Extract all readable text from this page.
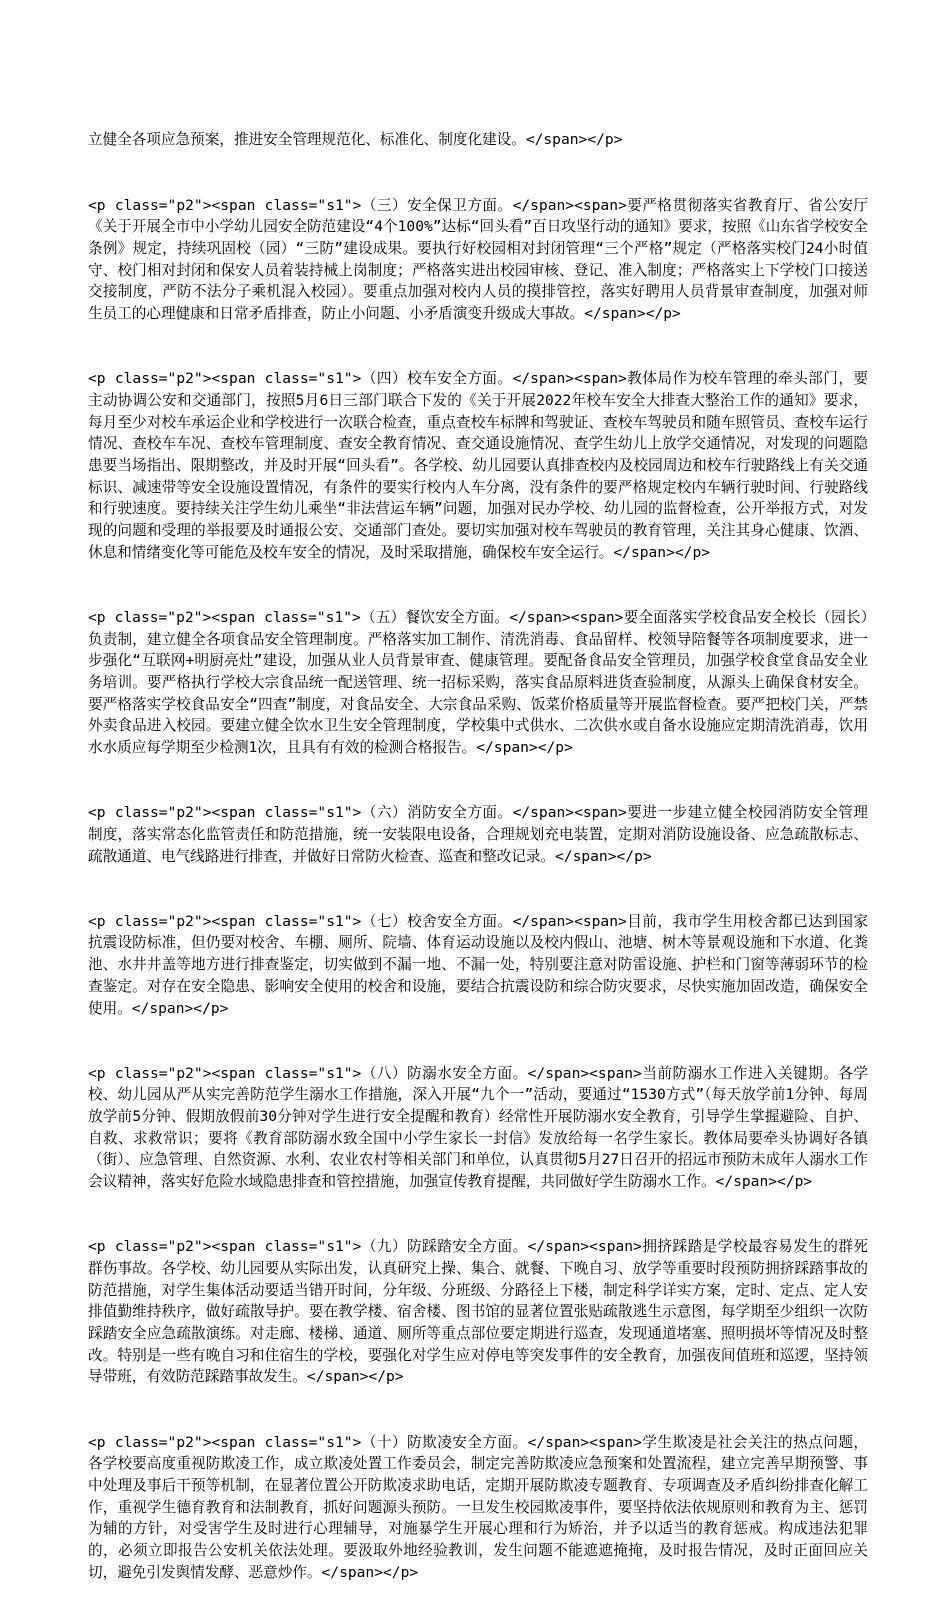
立健全各项应急预案，推进安全管理规范化、标准化、制度化建设。</span></p>

<p class="p2"><span class="s1">（三）安全保卫方面。</span><span>要严格贯彻落实省教育厅、省公安厅《关于开展全市中小学幼儿园安全防范建设“4个100%”达标“回头看”百日攻坚行动的通知》要求，按照《山东省学校安全条例》规定，持续巩固校（园）“三防”建设成果。要执行好校园相对封闭管理“三个严格”规定（严格落实校门24小时值守、校门相对封闭和保安人员着装持械上岗制度；严格落实进出校园审核、登记、准入制度；严格落实上下学校门口接送交接制度，严防不法分子乘机混入校园）。要重点加强对校内人员的摸排管控，落实好聘用人员背景审查制度，加强对师生员工的心理健康和日常矛盾排查，防止小问题、小矛盾演变升级成大事故。</span></p>

<p class="p2"><span class="s1">（四）校车安全方面。</span><span>教体局作为校车管理的牵头部门，要主动协调公安和交通部门，按照5月6日三部门联合下发的《关于开展2022年校车安全大排查大整治工作的通知》要求，每月至少对校车承运企业和学校进行一次联合检查，重点查校车标牌和驾驶证、查校车驾驶员和随车照管员、查校车运行情况、查校车车况、查校车管理制度、查安全教育情况、查交通设施情况、查学生幼儿上放学交通情况，对发现的问题隐患要当场指出、限期整改，并及时开展“回头看”。各学校、幼儿园要认真排查校内及校园周边和校车行驶路线上有关交通标识、减速带等安全设施设置情况，有条件的要实行校内人车分离，没有条件的要严格规定校内车辆行驶时间、行驶路线和行驶速度。要持续关注学生幼儿乘坐“非法营运车辆”问题，加强对民办学校、幼儿园的监督检查，公开举报方式，对发现的问题和受理的举报要及时通报公安、交通部门查处。要切实加强对校车驾驶员的教育管理，关注其身心健康、饮酒、休息和情绪变化等可能危及校车安全的情况，及时采取措施，确保校车安全运行。</span></p>

<p class="p2"><span class="s1">（五）餐饮安全方面。</span><span>要全面落实学校食品安全校长（园长）负责制，建立健全各项食品安全管理制度。严格落实加工制作、清洗消毒、食品留样、校领导陪餐等各项制度要求，进一步强化“互联网+明厨亮灶”建设，加强从业人员背景审查、健康管理。要配备食品安全管理员，加强学校食堂食品安全业务培训。要严格执行学校大宗食品统一配送管理、统一招标采购，落实食品原料进货查验制度，从源头上确保食材安全。要严格落实学校食品安全“四查”制度，对食品安全、大宗食品采购、饭菜价格质量等开展监督检查。要严把校门关，严禁外卖食品进入校园。要建立健全饮水卫生安全管理制度，学校集中式供水、二次供水或自备水设施应定期清洗消毒，饮用水水质应每学期至少检测1次，且具有有效的检测合格报告。</span></p>

<p class="p2"><span class="s1">（六）消防安全方面。</span><span>要进一步建立健全校园消防安全管理制度，落实常态化监管责任和防范措施，统一安装限电设备，合理规划充电装置，定期对消防设施设备、应急疏散标志、疏散通道、电气线路进行排查，并做好日常防火检查、巡查和整改记录。</span></p>

<p class="p2"><span class="s1">（七）校舍安全方面。</span><span>目前，我市学生用校舍都已达到国家抗震设防标准，但仍要对校舍、车棚、厕所、院墙、体育运动设施以及校内假山、池塘、树木等景观设施和下水道、化粪池、水井井盖等地方进行排查鉴定，切实做到不漏一地、不漏一处，特别要注意对防雷设施、护栏和门窗等薄弱环节的检查鉴定。对存在安全隐患、影响安全使用的校舍和设施，要结合抗震设防和综合防灾要求，尽快实施加固改造，确保安全使用。</span></p>

<p class="p2"><span class="s1">（八）防溺水安全方面。</span><span>当前防溺水工作进入关键期。各学校、幼儿园从严从实完善防范学生溺水工作措施，深入开展“九个一”活动，要通过“1530方式”（每天放学前1分钟、每周放学前5分钟、假期放假前30分钟对学生进行安全提醒和教育）经常性开展防溺水安全教育，引导学生掌握避险、自护、自救、求救常识；要将《教育部防溺水致全国中小学生家长一封信》发放给每一名学生家长。教体局要牵头协调好各镇（街）、应急管理、自然资源、水利、农业农村等相关部门和单位，认真贯彻5月27日召开的招远市预防未成年人溺水工作会议精神，落实好危险水域隐患排查和管控措施，加强宣传教育提醒，共同做好学生防溺水工作。</span></p>

<p class="p2"><span class="s1">（九）防踩踏安全方面。</span><span>拥挤踩踏是学校最容易发生的群死群伤事故。各学校、幼儿园要从实际出发，认真研究上操、集合、就餐、下晚自习、放学等重要时段预防拥挤踩踏事故的防范措施，对学生集体活动要适当错开时间，分年级、分班级、分路径上下楼，制定科学详实方案，定时、定点、定人安排值勤维持秩序，做好疏散导护。要在教学楼、宿舍楼、图书馆的显著位置张贴疏散逃生示意图，每学期至少组织一次防踩踏安全应急疏散演练。对走廊、楼梯、通道、厕所等重点部位要定期进行巡查，发现通道堵塞、照明损坏等情况及时整改。特别是一些有晚自习和住宿生的学校，要强化对学生应对停电等突发事件的安全教育，加强夜间值班和巡逻，坚持领导带班，有效防范踩踏事故发生。</span></p>

<p class="p2"><span class="s1">（十）防欺凌安全方面。</span><span>学生欺凌是社会关注的热点问题，各学校要高度重视防欺凌工作，成立欺凌处置工作委员会，制定完善防欺凌应急预案和处置流程，建立完善早期预警、事中处理及事后干预等机制，在显著位置公开防欺凌求助电话，定期开展防欺凌专题教育、专项调查及矛盾纠纷排查化解工作，重视学生德育教育和法制教育，抓好问题源头预防。一旦发生校园欺凌事件，要坚持依法依规原则和教育为主、惩罚为辅的方针，对受害学生及时进行心理辅导，对施暴学生开展心理和行为矫治，并予以适当的教育惩戒。构成违法犯罪的，必须立即报告公安机关依法处理。要汲取外地经验教训，发生问题不能遮遮掩掩，及时报告情况，及时正面回应关切，避免引发舆情发酵、恶意炒作。</span></p>
